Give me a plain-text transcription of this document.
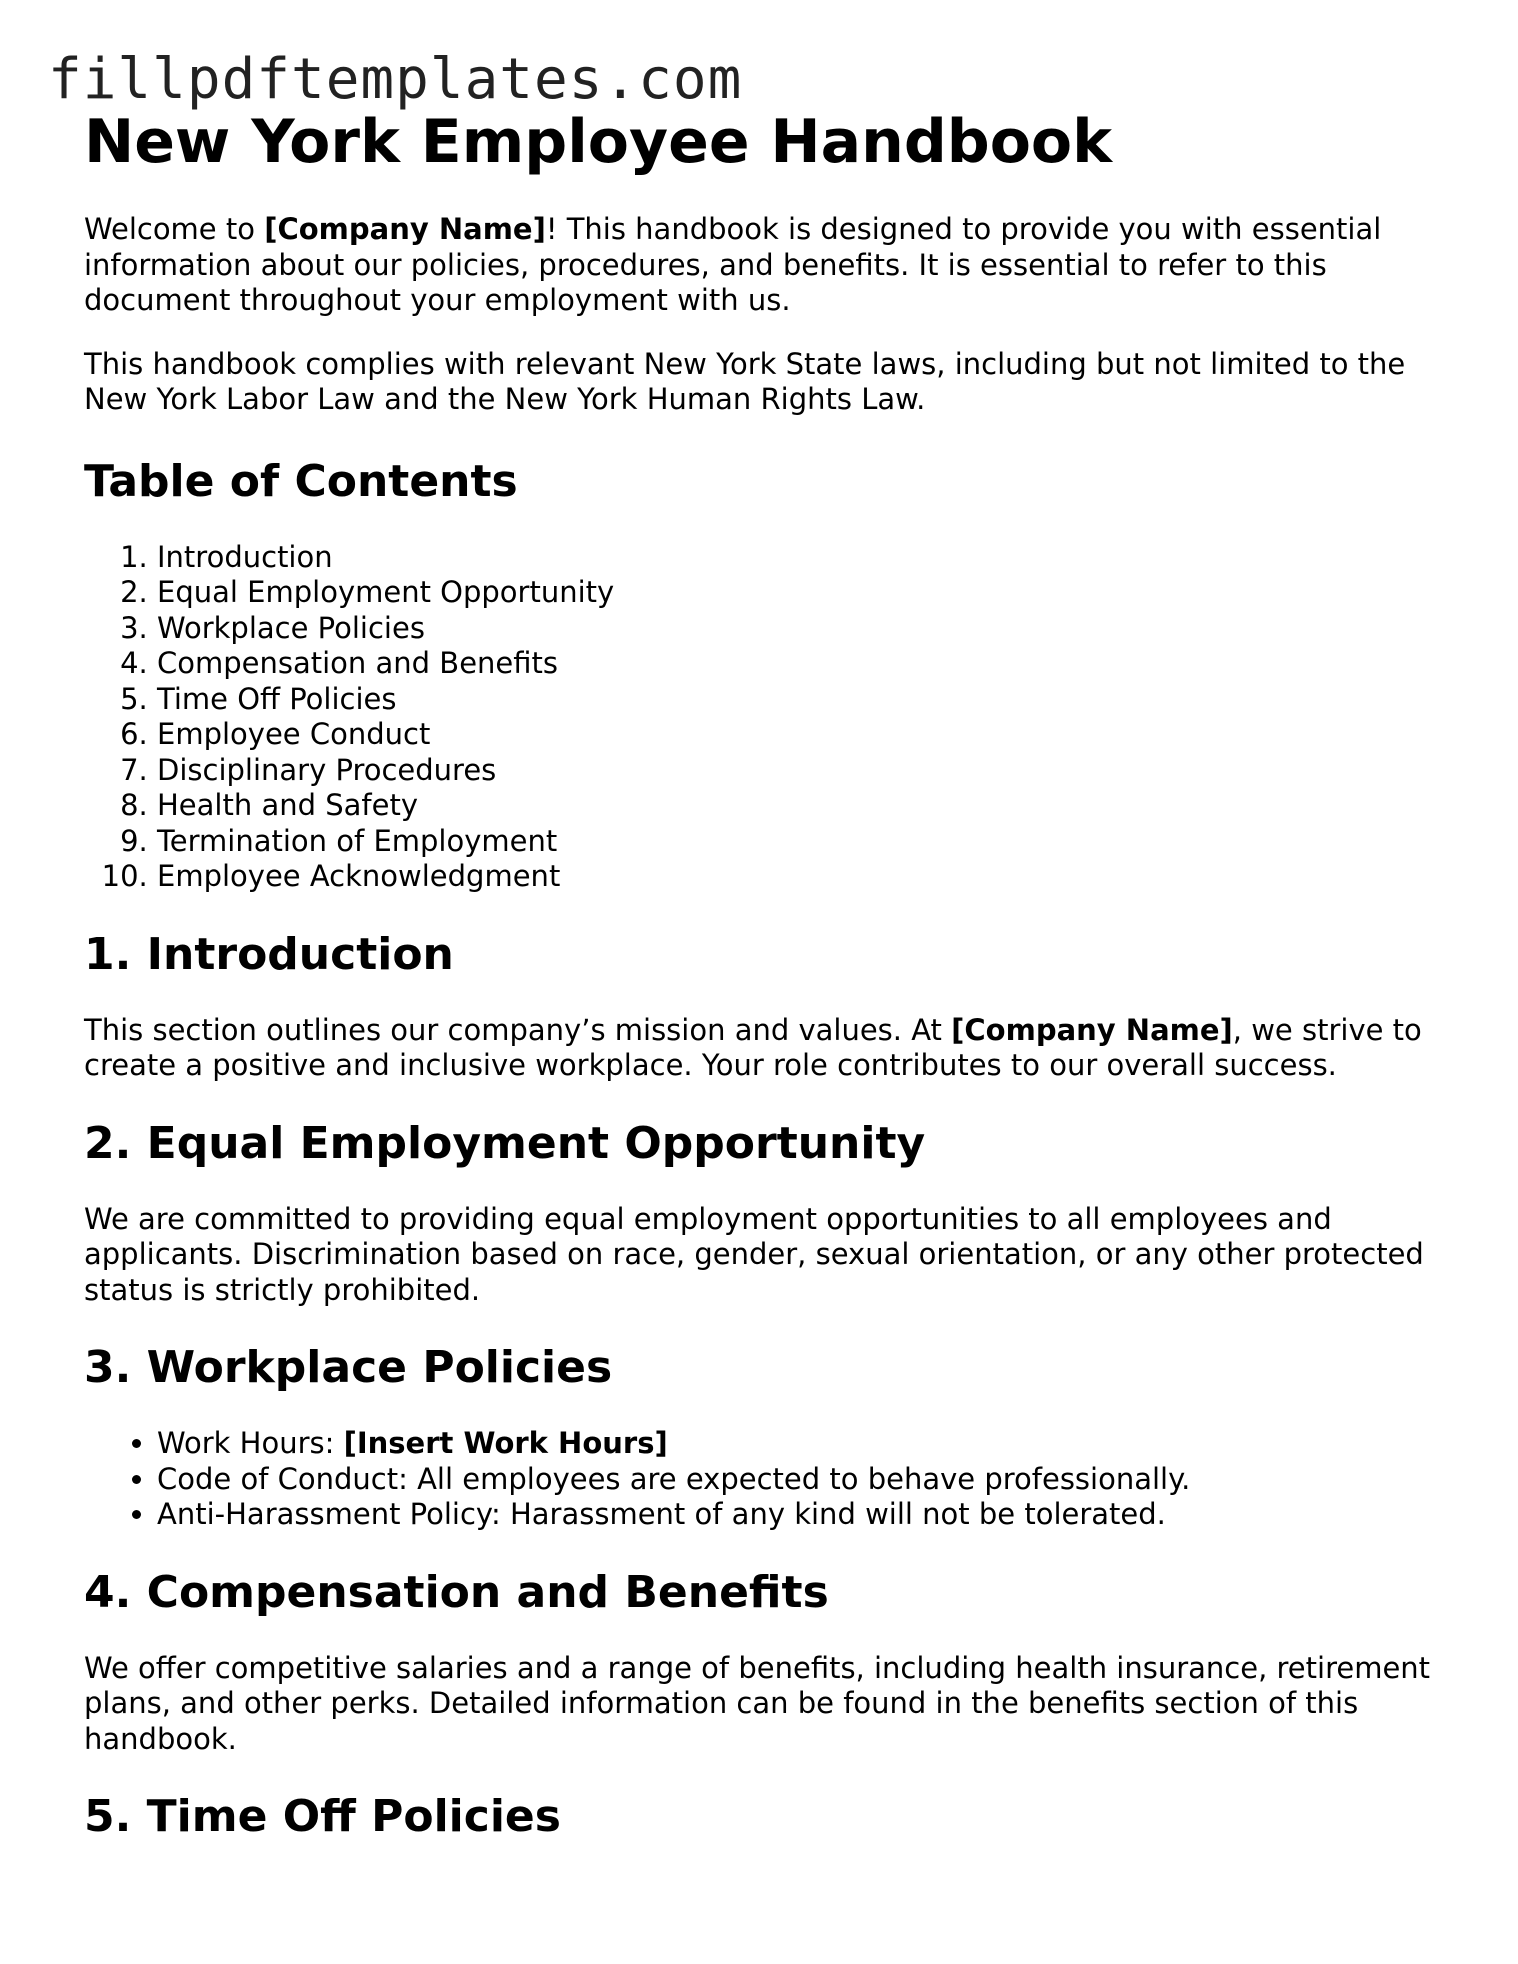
fillpdftemplates.com
New York Employee Handbook

Welcome to [Company Name]! This handbook is designed to provide you with essential information about our policies, procedures, and benefits. It is essential to refer to this document throughout your employment with us.

This handbook complies with relevant New York State laws, including but not limited to the New York Labor Law and the New York Human Rights Law.

Table of Contents
1. Introduction
2. Equal Employment Opportunity
3. Workplace Policies
4. Compensation and Benefits
5. Time Off Policies
6. Employee Conduct
7. Disciplinary Procedures
8. Health and Safety
9. Termination of Employment
10. Employee Acknowledgment
1. Introduction

This section outlines our company’s mission and values. At [Company Name], we strive to create a positive and inclusive workplace. Your role contributes to our overall success.

2. Equal Employment Opportunity

We are committed to providing equal employment opportunities to all employees and applicants. Discrimination based on race, gender, sexual orientation, or any other protected status is strictly prohibited.

3. Workplace Policies
• Work Hours: [Insert Work Hours]
• Code of Conduct: All employees are expected to behave professionally.
• Anti-Harassment Policy: Harassment of any kind will not be tolerated.
4. Compensation and Benefits

We offer competitive salaries and a range of benefits, including health insurance, retirement plans, and other perks. Detailed information can be found in the benefits section of this handbook.

5. Time Off Policies
